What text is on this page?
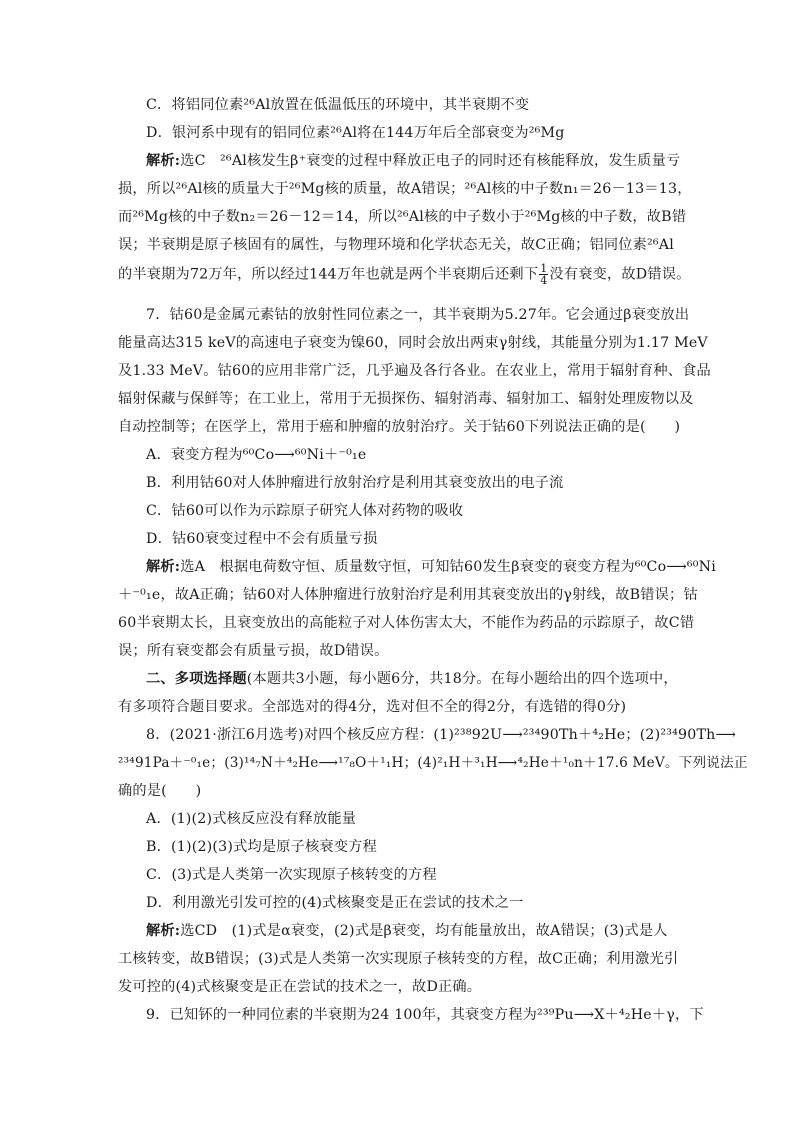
C．将铝同位素²⁶Al放置在低温低压的环境中，其半衰期不变
D．银河系中现有的铝同位素²⁶Al将在144万年后全部衰变为²⁶Mg
解析:选C　²⁶Al核发生β⁺衰变的过程中释放正电子的同时还有核能释放，发生质量亏
损，所以²⁶Al核的质量大于²⁶Mg核的质量，故A错误；²⁶Al核的中子数n₁＝26－13＝13，
而²⁶Mg核的中子数n₂＝26－12＝14，所以²⁶Al核的中子数小于²⁶Mg核的中子数，故B错
误；半衰期是原子核固有的属性，与物理环境和化学状态无关，故C正确；铝同位素²⁶Al
的半衰期为72万年，所以经过144万年也就是两个半衰期后还剩下 $\frac{1}{4}$ 没有衰变，故D错误。
7．钴60是金属元素钴的放射性同位素之一，其半衰期为5.27年。它会通过β衰变放出
能量高达315 keV的高速电子衰变为镍60，同时会放出两束γ射线，其能量分别为1.17 MeV
及1.33 MeV。钴60的应用非常广泛，几乎遍及各行各业。在农业上，常用于辐射育种、食品
辐射保藏与保鲜等；在工业上，常用于无损探伤、辐射消毒、辐射加工、辐射处理废物以及
自动控制等；在医学上，常用于癌和肿瘤的放射治疗。关于钴60下列说法正确的是(　　)
A．衰变方程为⁶⁰Co⟶⁶⁰Ni＋⁻⁰₁e
B．利用钴60对人体肿瘤进行放射治疗是利用其衰变放出的电子流
C．钴60可以作为示踪原子研究人体对药物的吸收
D．钴60衰变过程中不会有质量亏损
解析:选A　根据电荷数守恒、质量数守恒，可知钴60发生β衰变的衰变方程为⁶⁰Co⟶⁶⁰Ni
＋⁻⁰₁e，故A正确；钴60对人体肿瘤进行放射治疗是利用其衰变放出的γ射线，故B错误；钴
60半衰期太长，且衰变放出的高能粒子对人体伤害太大，不能作为药品的示踪原子，故C错
误；所有衰变都会有质量亏损，故D错误。
二、多项选择题(本题共3小题，每小题6分，共18分。在每小题给出的四个选项中，
有多项符合题目要求。全部选对的得4分，选对但不全的得2分，有选错的得0分)
8．(2021·浙江6月选考)对四个核反应方程：(1)²³⁸92U⟶²³⁴90Th＋⁴₂He；(2)²³⁴90Th⟶
²³⁴91Pa＋⁻⁰₁e；(3)¹⁴₇N＋⁴₂He⟶¹⁷₈O＋¹₁H；(4)²₁H＋³₁H⟶⁴₂He＋¹₀n＋17.6 MeV。下列说法正
确的是(　　)
A．(1)(2)式核反应没有释放能量
B．(1)(2)(3)式均是原子核衰变方程
C．(3)式是人类第一次实现原子核转变的方程
D．利用激光引发可控的(4)式核聚变是正在尝试的技术之一
解析:选CD　(1)式是α衰变，(2)式是β衰变，均有能量放出，故A错误；(3)式是人
工核转变，故B错误；(3)式是人类第一次实现原子核转变的方程，故C正确；利用激光引
发可控的(4)式核聚变是正在尝试的技术之一，故D正确。
9．已知钚的一种同位素的半衰期为24 100年，其衰变方程为²³⁹Pu⟶X＋⁴₂He＋γ，下
